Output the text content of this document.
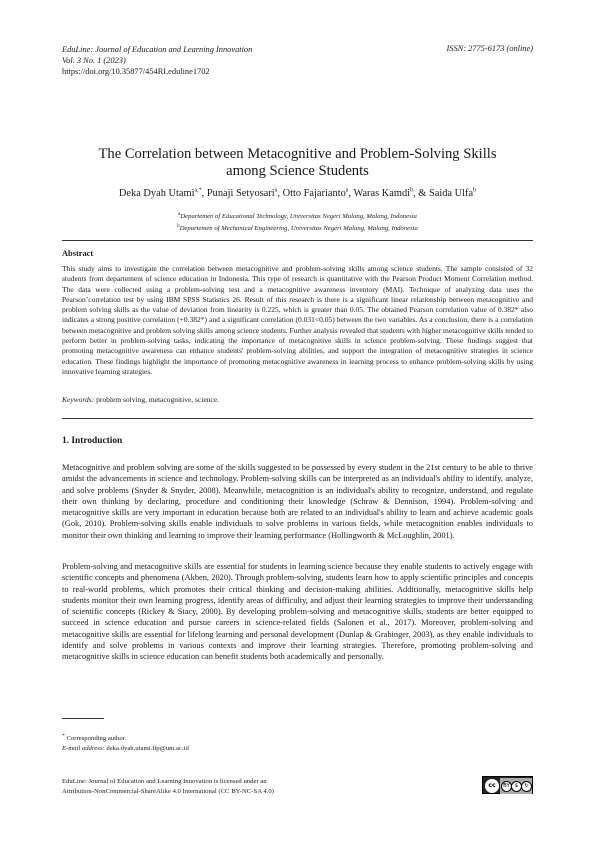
EduLine: Journal of Education and Learning Innovation
Vol. 3 No. 1 (2023)
https://doi.org/10.35877/454RI.eduline1702
ISSN: 2775-6173 (online)
The Correlation between Metacognitive and Problem-Solving Skills
among Science Students
Deka Dyah Utami$^{a,*}$, Punaji Setyosari$^a$, Otto Fajarianto$^a$, Waras Kamdi$^b$, & Saida Ulfa$^b$
$^a$Departemen of Educational Technology, Universitas Negeri Malang, Malang, Indonesia
$^b$Departemen of Mechanical Engineering, Universitas Negeri Malang, Malang, Indonesia
Abstract
This study aims to investigate the correlation between metacognitive and problem-solving skills among science students. The sample consisted of 32 students from departement of science education in Indonesia. This type of research is quantitative with the Pearson Product Moment Correlation method. The data were collected using a problem-solving test and a metacognitive awareness inventory (MAI). Technique of analyzing data uses the Pearson’correlation test by using IBM SPSS Statistics 26. Result of this research is there is a significant linear relationship between metacognitive and problem solving skills as the value of deviation from linearity is 0.225, which is greater than 0.05. The obtained Pearson correlation value of 0.382* also indicates a strong positive correlation (+0.382*) and a significant correlation (0.031<0.05) between the two variables. As a conclusion, there is a correlation between metacognitive and problem solving skills among science students. Further analysis revealed that students with higher metacognitive skills tended to perform better in problem-solving tasks, indicating the importance of metacognitive skills in science problem-solving. These findings suggest that promoting metacognitive awareness can enhance students' problem-solving abilities, and support the integration of metacognitive strategies in science education. These findings highlight the importance of promoting metacognitive awareness in learning process to enhance problem-solving skills by using innovative learning strategies.
Keywords: problem solving, metacognitive, science.
1. Introduction
Metacognitive and problem solving are some of the skills suggested to be possessed by every student in the 21st century to be able to thrive amidst the advancements in science and technology. Problem-solving skills can be interpreted as an individual's ability to identify, analyze, and solve problems (Snyder & Snyder, 2008). Meanwhile, metacognition is an individual's ability to recognize, understand, and regulate their own thinking by declaring, procedure and conditioning their knowledge (Schraw & Dennison, 1994). Problem-solving and metacognitive skills are very important in education because both are related to an individual's ability to learn and achieve academic goals (Gok, 2010). Problem-solving skills enable individuals to solve problems in various fields, while metacognition enables individuals to monitor their own thinking and learning to improve their learning performance (Hollingworth & McLoughlin, 2001).
Problem-solving and metacognitive skills are essential for students in learning science because they enable students to actively engage with scientific concepts and phenomena (Akben, 2020). Through problem-solving, students learn how to apply scientific principles and concepts to real-world problems, which promotes their critical thinking and decision-making abilities. Additionally, metacognitive skills help students monitor their own learning progress, identify areas of difficulty, and adjust their learning strategies to improve their understanding of scientific concepts (Rickey & Stacy, 2000). By developing problem-solving and metacognitive skills, students are better equipped to succeed in science education and pursue careers in science-related fields (Salonen et al., 2017). Moreover, problem-solving and metacognitive skills are essential for lifelong learning and personal development (Dunlap & Grabinger, 2003), as they enable individuals to identify and solve problems in various contexts and improve their learning strategies. Therefore, promoting problem-solving and metacognitive skills in science education can benefit students both academically and personally.
* Corresponding author.
E-mail address: deka.dyah.utami.fip@um.ac.id
EduLine: Journal of Education and Learning Innovation is licensed under an
Attribution-NonCommercial-ShareAlike 4.0 International (CC BY-NC-SA 4.0)
cc	BY $	↻
